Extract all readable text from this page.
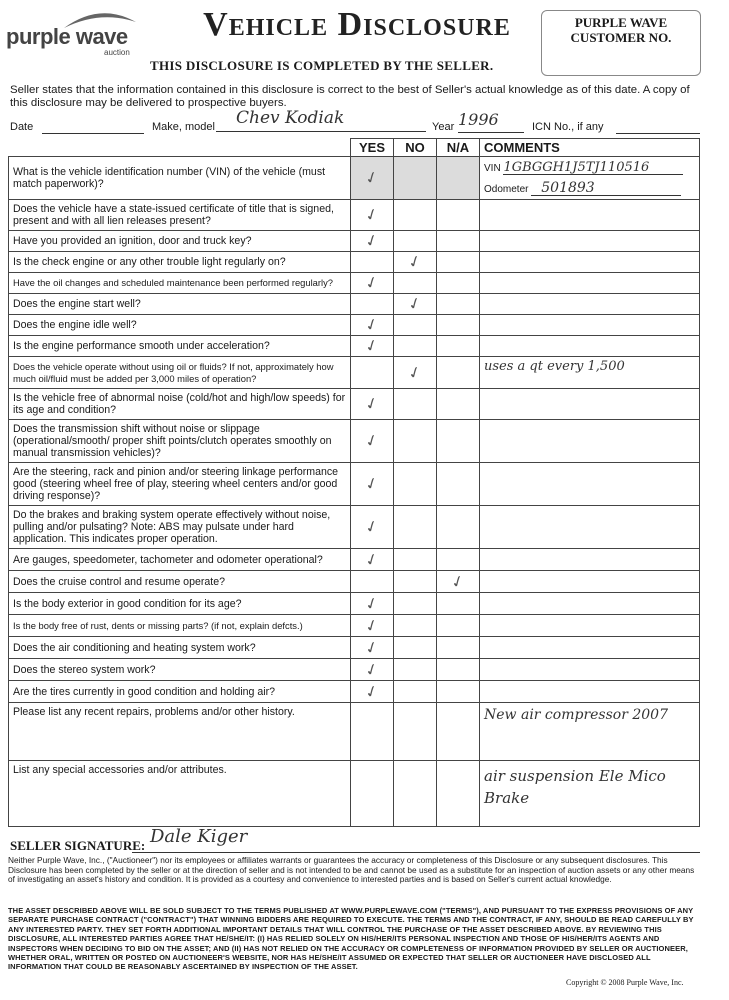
purple wave
auction
Vehicle Disclosure
THIS DISCLOSURE IS COMPLETED BY THE SELLER.
PURPLE WAVE
CUSTOMER NO.
Seller states that the information contained in this disclosure is correct to the best of Seller's actual knowledge as of this date. A copy of this disclosure may be delivered to prospective buyers.
Date	Make, model	Chev Kodiak	Year 1996	ICN No., if any
	YES	NO	N/A	COMMENTS
What is the vehicle identification number (VIN) of the vehicle (must match paperwork)?	✓			VIN 1GBGGH1J5TJ110516
Odometer 501893

Does the vehicle have a state-issued certificate of title that is signed, present and with all lien releases present?	✓			
Have you provided an ignition, door and truck key?	✓			
Is the check engine or any other trouble light regularly on?		✓		
Have the oil changes and scheduled maintenance been performed regularly?	✓			
Does the engine start well?		✓		
Does the engine idle well?	✓			
Is the engine performance smooth under acceleration?	✓			
Does the vehicle operate without using oil or fluids? If not, approximately how much oil/fluid must be added per 3,000 miles of operation?		✓		uses a qt every 1,500
Is the vehicle free of abnormal noise (cold/hot and high/low speeds) for its age and condition?	✓			
Does the transmission shift without noise or slippage (operational/smooth/ proper shift points/clutch operates smoothly on manual transmission vehicles)?	✓			
Are the steering, rack and pinion and/or steering linkage performance good (steering wheel free of play, steering wheel centers and/or good driving response)?	✓			
Do the brakes and braking system operate effectively without noise, pulling and/or pulsating? Note: ABS may pulsate under hard application. This indicates proper operation.	✓			
Are gauges, speedometer, tachometer and odometer operational?	✓			
Does the cruise control and resume operate?			✓	
Is the body exterior in good condition for its age?	✓			
Is the body free of rust, dents or missing parts? (if not, explain defcts.)	✓			
Does the air conditioning and heating system work?	✓			
Does the stereo system work?	✓			
Are the tires currently in good condition and holding air?	✓			
Please list any recent repairs, problems and/or other history.				New air compressor 2007
List any special accessories and/or attributes.				air suspension Ele Mico Brake
SELLER SIGNATURE: Dale Kiger
Neither Purple Wave, Inc., ("Auctioneer") nor its employees or affiliates warrants or guarantees the accuracy or completeness of this Disclosure or any subsequent disclosures. This Disclosure has been completed by the seller or at the direction of seller and is not intended to be and cannot be used as a substitute for an inspection of auction assets or any other means of investigating an asset's history and condition. It is provided as a courtesy and convenience to interested parties and is based on Seller's current actual knowledge.
THE ASSET DESCRIBED ABOVE WILL BE SOLD SUBJECT TO THE TERMS PUBLISHED AT WWW.PURPLEWAVE.COM ("TERMS"), AND PURSUANT TO THE EXPRESS PROVISIONS OF ANY SEPARATE PURCHASE CONTRACT ("CONTRACT") THAT WINNING BIDDERS ARE REQUIRED TO EXECUTE. THE TERMS AND THE CONTRACT, IF ANY, SHOULD BE READ CAREFULLY BY ANY INTERESTED PARTY. THEY SET FORTH ADDITIONAL IMPORTANT DETAILS THAT WILL CONTROL THE PURCHASE OF THE ASSET DESCRIBED ABOVE. BY REVIEWING THIS DISCLOSURE, ALL INTERESTED PARTIES AGREE THAT HE/SHE/IT: (I) HAS RELIED SOLELY ON HIS/HER/ITS PERSONAL INSPECTION AND THOSE OF HIS/HER/ITS AGENTS AND INSPECTORS WHEN DECIDING TO BID ON THE ASSET; AND (II) HAS NOT RELIED ON THE ACCURACY OR COMPLETENESS OF INFORMATION PROVIDED BY SELLER OR AUCTIONEER, WHETHER ORAL, WRITTEN OR POSTED ON AUCTIONEER'S WEBSITE, NOR HAS HE/SHE/IT ASSUMED OR EXPECTED THAT SELLER OR AUCTIONEER HAVE DISCLOSED ALL INFORMATION THAT COULD BE REASONABLY ASCERTAINED BY INSPECTION OF THE ASSET.
Copyright © 2008 Purple Wave, Inc.
